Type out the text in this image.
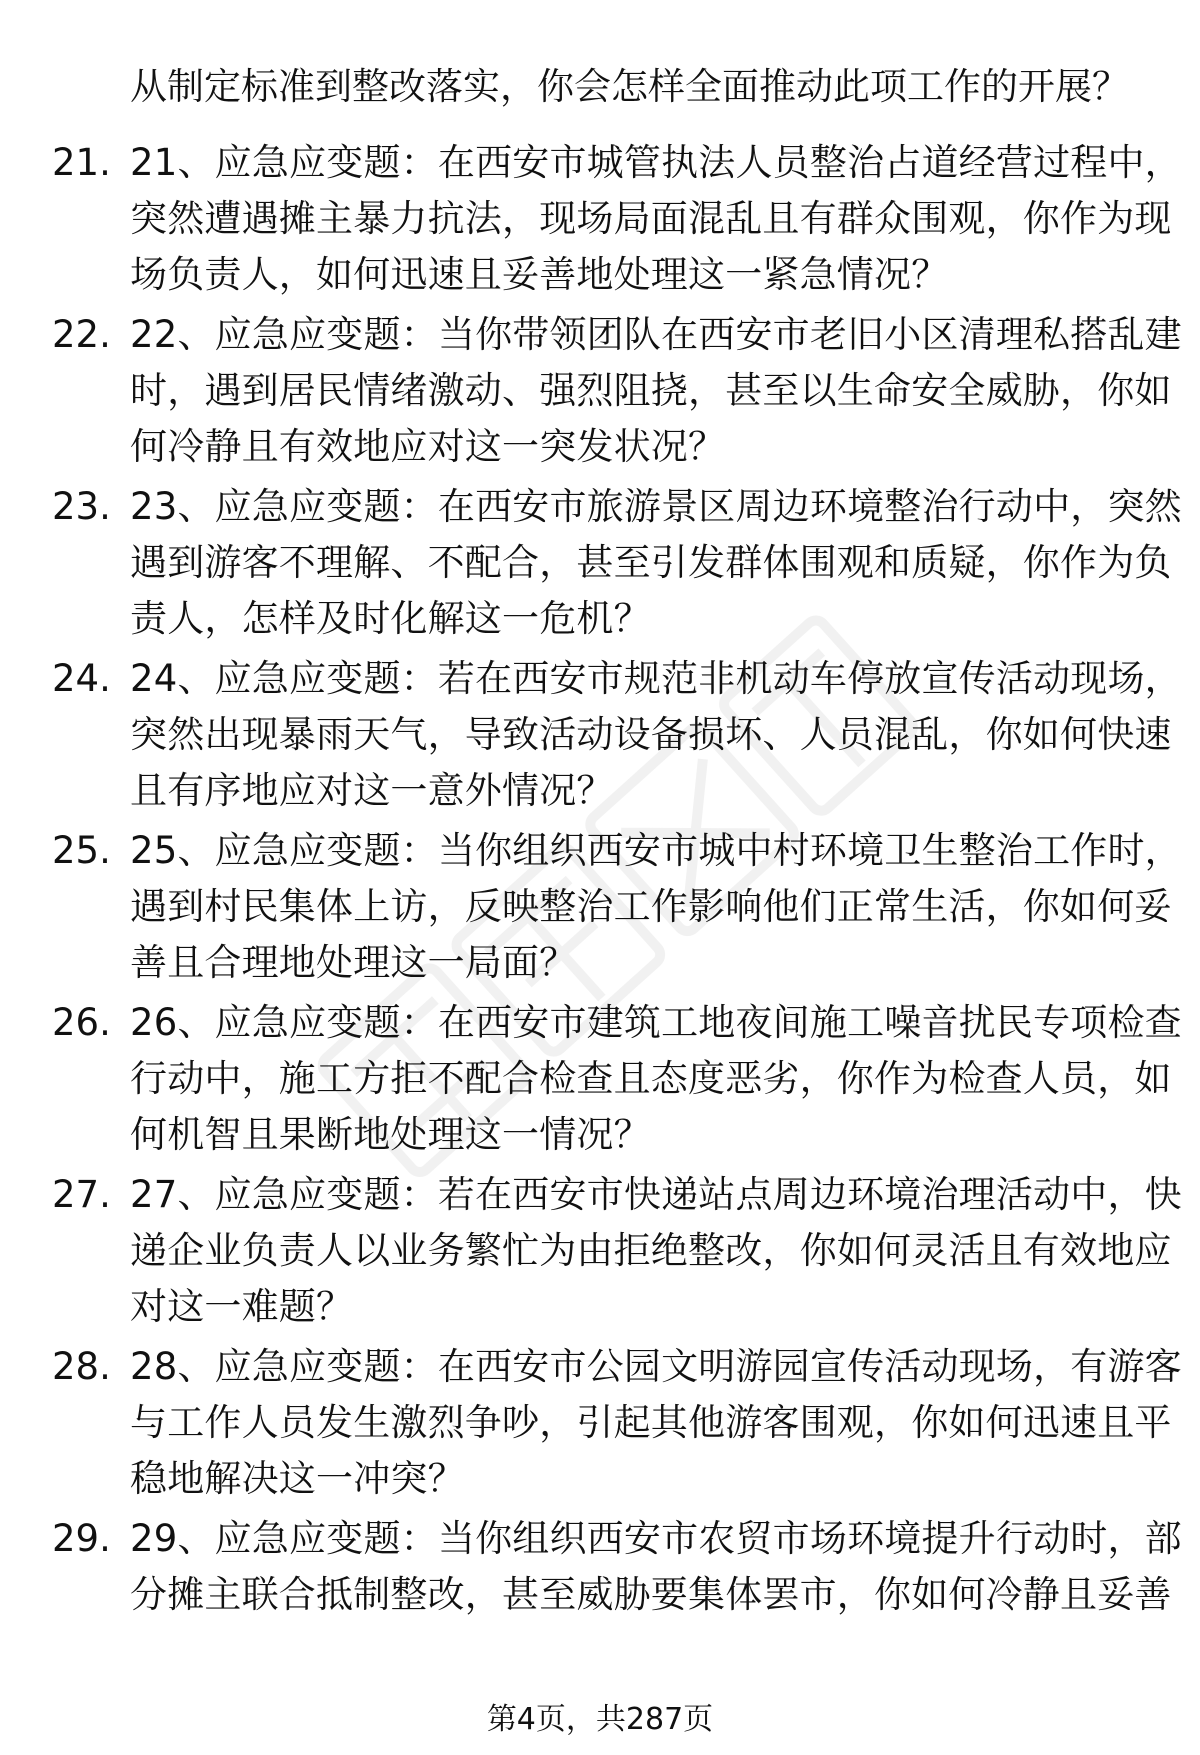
从制定标准到整改落实，你会怎样全面推动此项工作的开展？
21. 21、应急应变题：在西安市城管执法人员整治占道经营过程中，
突然遭遇摊主暴力抗法，现场局面混乱且有群众围观，你作为现
场负责人，如何迅速且妥善地处理这一紧急情况？
22. 22、应急应变题：当你带领团队在西安市老旧小区清理私搭乱建
时，遇到居民情绪激动、强烈阻挠，甚至以生命安全威胁，你如
何冷静且有效地应对这一突发状况？
23. 23、应急应变题：在西安市旅游景区周边环境整治行动中，突然
遇到游客不理解、不配合，甚至引发群体围观和质疑，你作为负
责人，怎样及时化解这一危机？
24. 24、应急应变题：若在西安市规范非机动车停放宣传活动现场，
突然出现暴雨天气，导致活动设备损坏、人员混乱，你如何快速
且有序地应对这一意外情况？
25. 25、应急应变题：当你组织西安市城中村环境卫生整治工作时，
遇到村民集体上访，反映整治工作影响他们正常生活，你如何妥
善且合理地处理这一局面？
26. 26、应急应变题：在西安市建筑工地夜间施工噪音扰民专项检查
行动中，施工方拒不配合检查且态度恶劣，你作为检查人员，如
何机智且果断地处理这一情况？
27. 27、应急应变题：若在西安市快递站点周边环境治理活动中，快
递企业负责人以业务繁忙为由拒绝整改，你如何灵活且有效地应
对这一难题？
28. 28、应急应变题：在西安市公园文明游园宣传活动现场，有游客
与工作人员发生激烈争吵，引起其他游客围观，你如何迅速且平
稳地解决这一冲突？
29. 29、应急应变题：当你组织西安市农贸市场环境提升行动时，部
分摊主联合抵制整改，甚至威胁要集体罢市，你如何冷静且妥善
第4页，共287页
